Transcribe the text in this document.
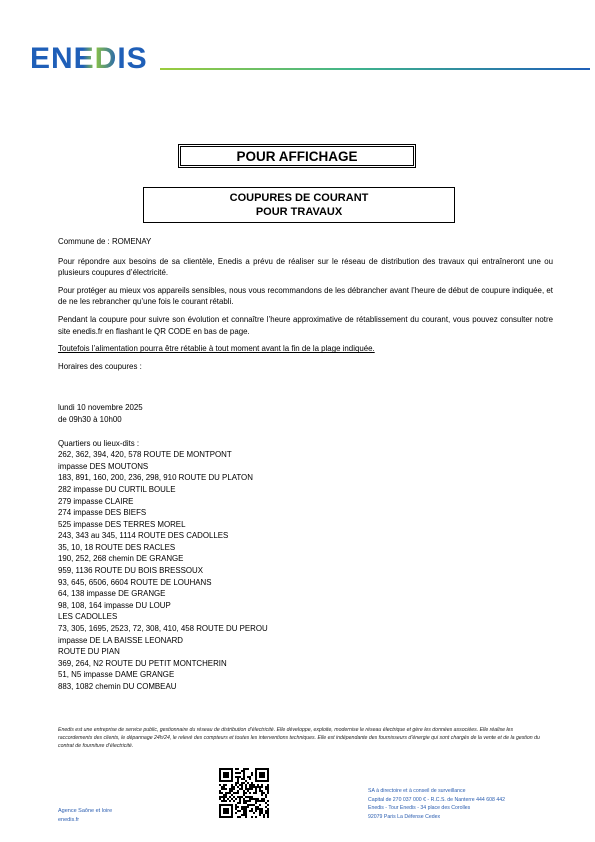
ENEDIS
POUR AFFICHAGE
COUPURES DE COURANT
POUR TRAVAUX

Commune de : ROMENAY

Pour répondre aux besoins de sa clientèle, Enedis a prévu de réaliser sur le réseau de distribution des travaux qui entraîneront une ou plusieurs coupures d’électricité.

Pour protéger au mieux vos appareils sensibles, nous vous recommandons de les débrancher avant l’heure de début de coupure indiquée, et de ne les rebrancher qu’une fois le courant rétabli.

Pendant la coupure pour suivre son évolution et connaître l’heure approximative de rétablissement du courant, vous pouvez consulter notre site enedis.fr en flashant le QR CODE en bas de page.

Toutefois l’alimentation pourra être rétablie à tout moment avant la fin de la plage indiquée.

Horaires des coupures :

lundi 10 novembre 2025
de 09h30 à 10h00
Quartiers ou lieux-dits :
262, 362, 394, 420, 578 ROUTE DE MONTPONT
impasse DES MOUTONS
183, 891, 160, 200, 236, 298, 910 ROUTE DU PLATON
282 impasse DU CURTIL BOULE
279 impasse CLAIRE
274 impasse DES BIEFS
525 impasse DES TERRES MOREL
243, 343 au 345, 1114 ROUTE DES CADOLLES
35, 10, 18 ROUTE DES RACLES
190, 252, 268 chemin DE GRANGE
959, 1136 ROUTE DU BOIS BRESSOUX
93, 645, 6506, 6604 ROUTE DE LOUHANS
64, 138 impasse DE GRANGE
98, 108, 164 impasse DU LOUP
LES CADOLLES
73, 305, 1695, 2523, 72, 308, 410, 458 ROUTE DU PEROU
impasse DE LA BAISSE LEONARD
ROUTE DU PIAN
369, 264, N2 ROUTE DU PETIT MONTCHERIN
51, N5 impasse DAME GRANGE
883, 1082 chemin DU COMBEAU
Enedis est une entreprise de service public, gestionnaire du réseau de distribution d’électricité. Elle développe, exploite, modernise le réseau électrique et gère les données associées. Elle réalise les raccordements des clients, le dépannage 24h/24, le relevé des compteurs et toutes les interventions techniques. Elle est indépendante des fournisseurs d’énergie qui sont chargés de la vente et de la gestion du contrat de fourniture d’électricité.
Agence Saône et loire
enedis.fr
SA à directoire et à conseil de surveillance
Capital de 270 037 000 € - R.C.S. de Nanterre 444 608 442
Enedis - Tour Enedis - 34 place des Corolles
92079 Paris La Défense Cedex
